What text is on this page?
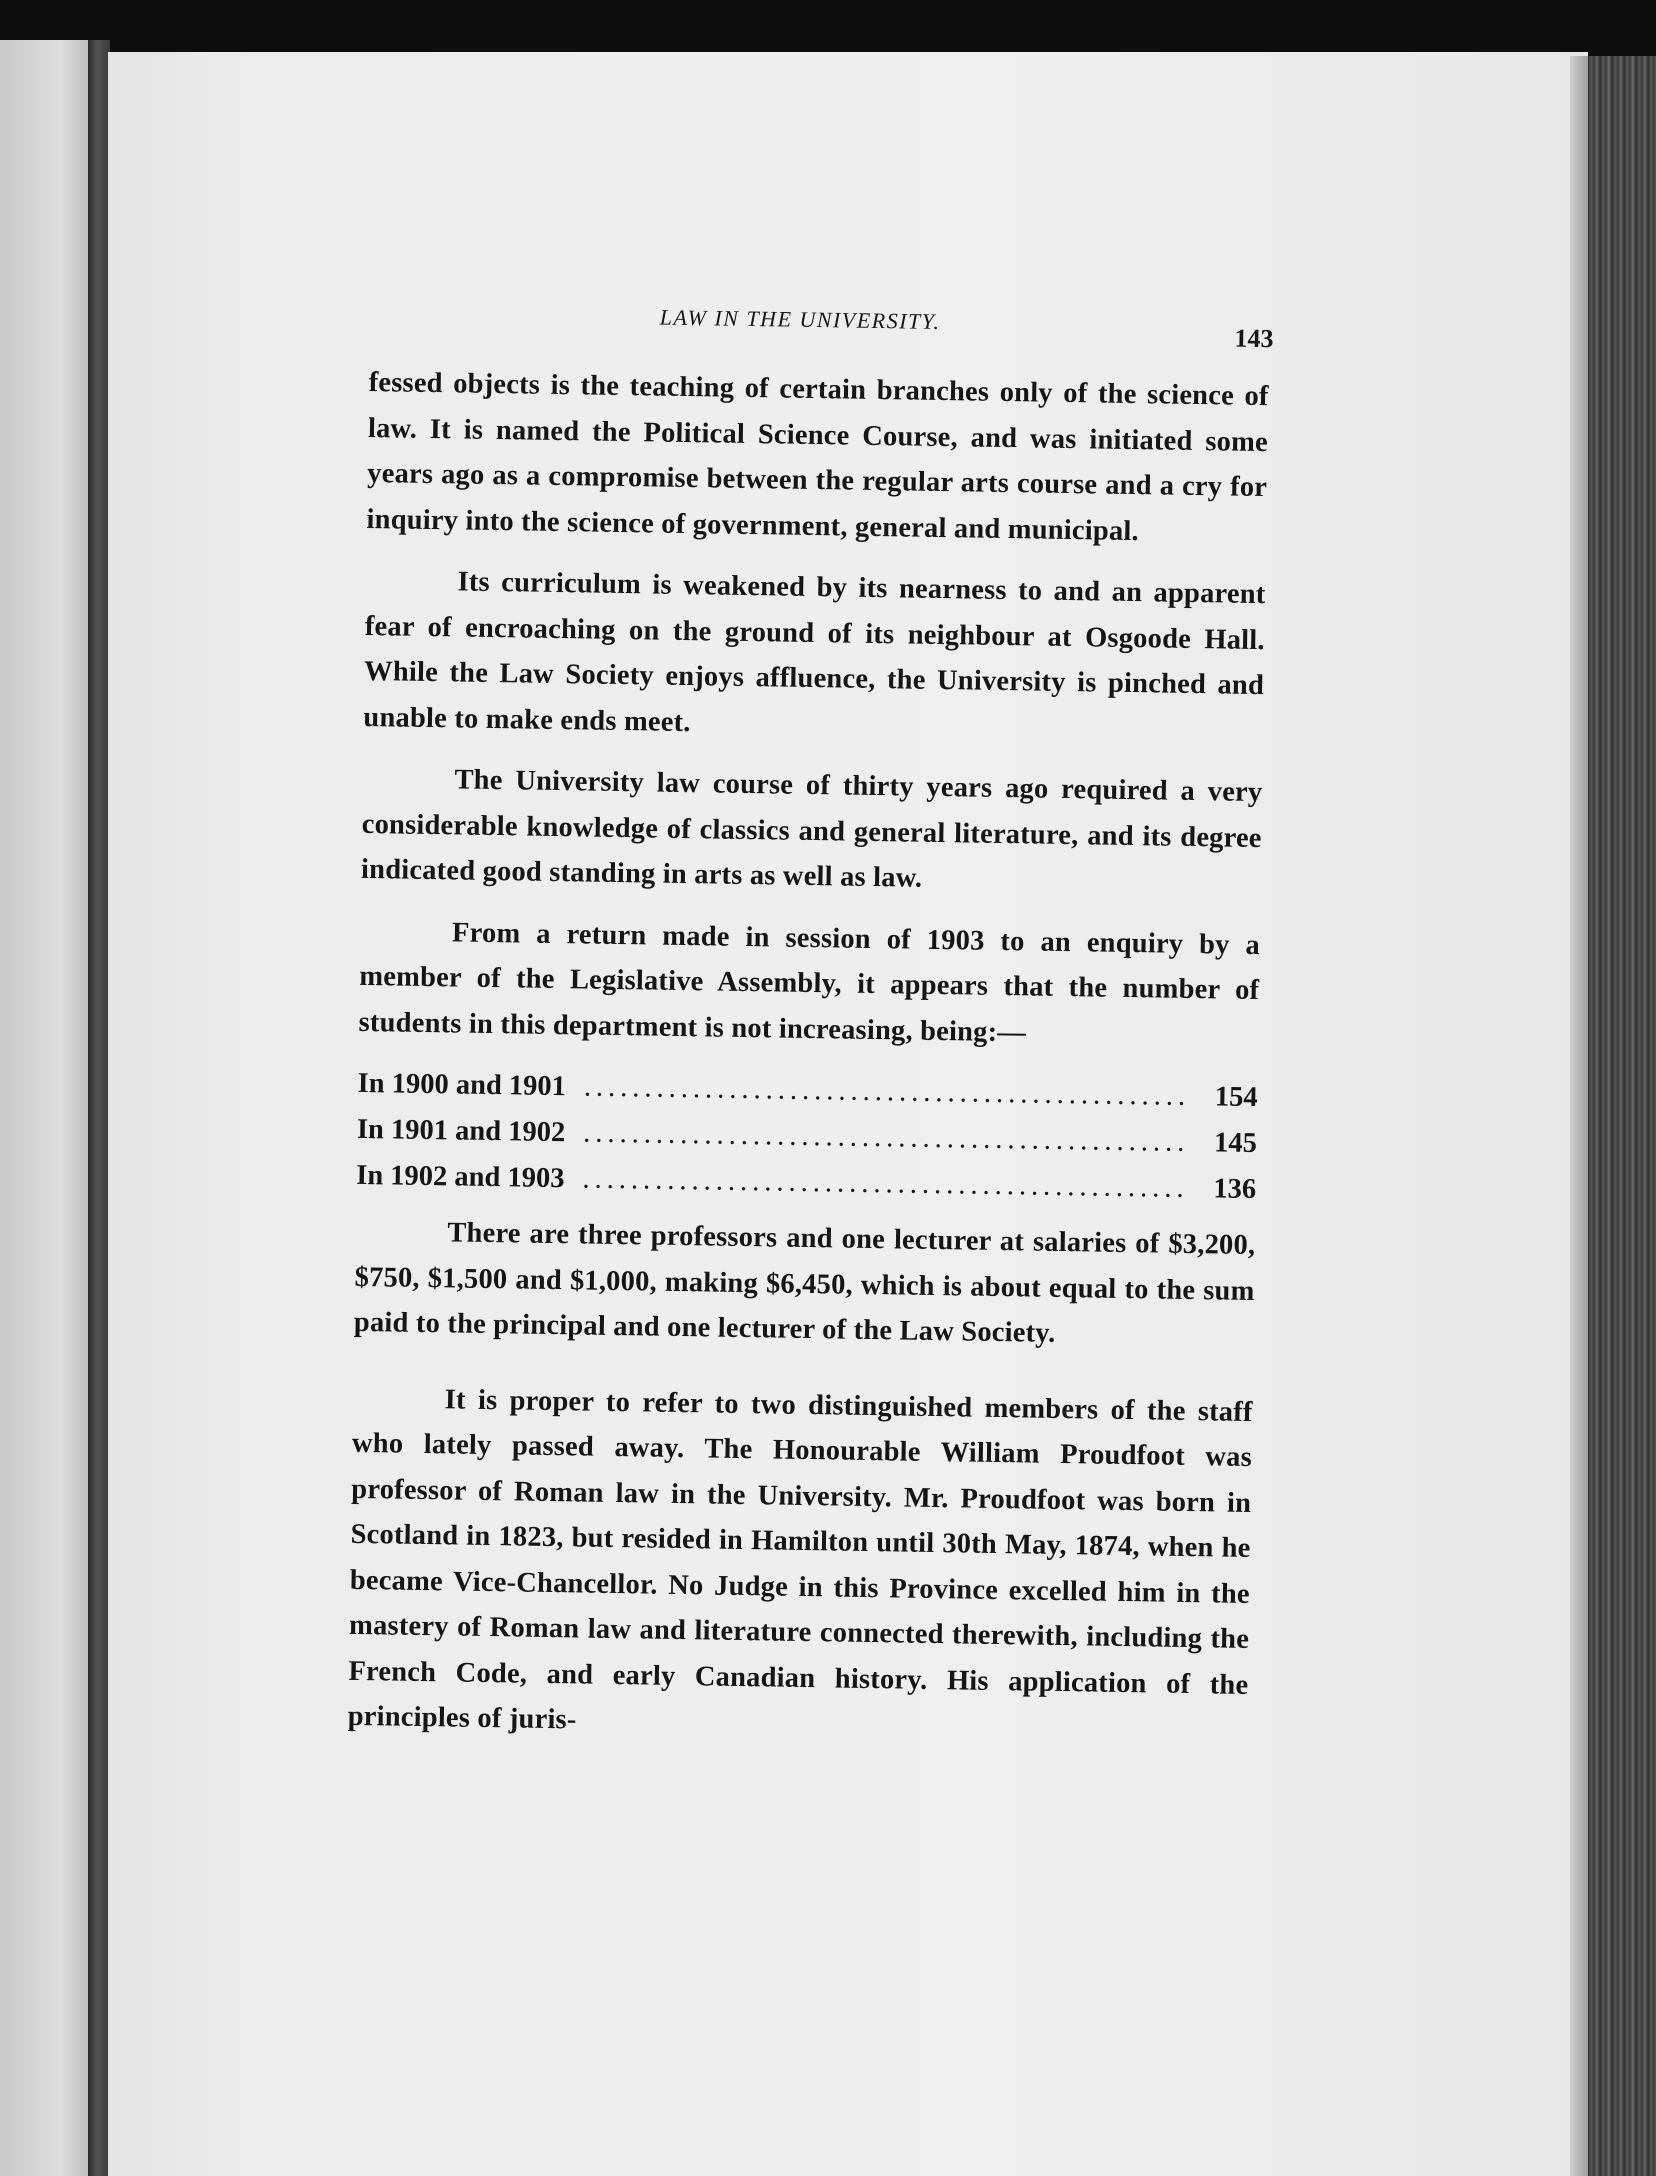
LAW IN THE UNIVERSITY.
143

fessed objects is the teaching of certain branches only of the science of law. It is named the Political Science Course, and was initiated some years ago as a compromise between the regular arts course and a cry for inquiry into the science of government, general and municipal.

Its curriculum is weakened by its nearness to and an apparent fear of encroaching on the ground of its neighbour at Osgoode Hall. While the Law Society enjoys affluence, the University is pinched and unable to make ends meet.

The University law course of thirty years ago required a very considerable knowledge of classics and general literature, and its degree indicated good standing in arts as well as law.

From a return made in session of 1903 to an enquiry by a member of the Legislative Assembly, it appears that the number of students in this department is not increasing, being:—

In 1900 and 1901 .....	154
In 1901 and 1902 .....	145
In 1902 and 1903 .....	136

There are three professors and one lecturer at salaries of $3,200, $750, $1,500 and $1,000, making $6,450, which is about equal to the sum paid to the principal and one lecturer of the Law Society.

It is proper to refer to two distinguished members of the staff who lately passed away. The Honourable William Proudfoot was professor of Roman law in the University. Mr. Proudfoot was born in Scotland in 1823, but resided in Hamilton until 30th May, 1874, when he became Vice-Chancellor. No Judge in this Province excelled him in the mastery of Roman law and literature connected therewith, including the French Code, and early Canadian history. His application of the principles of juris-
